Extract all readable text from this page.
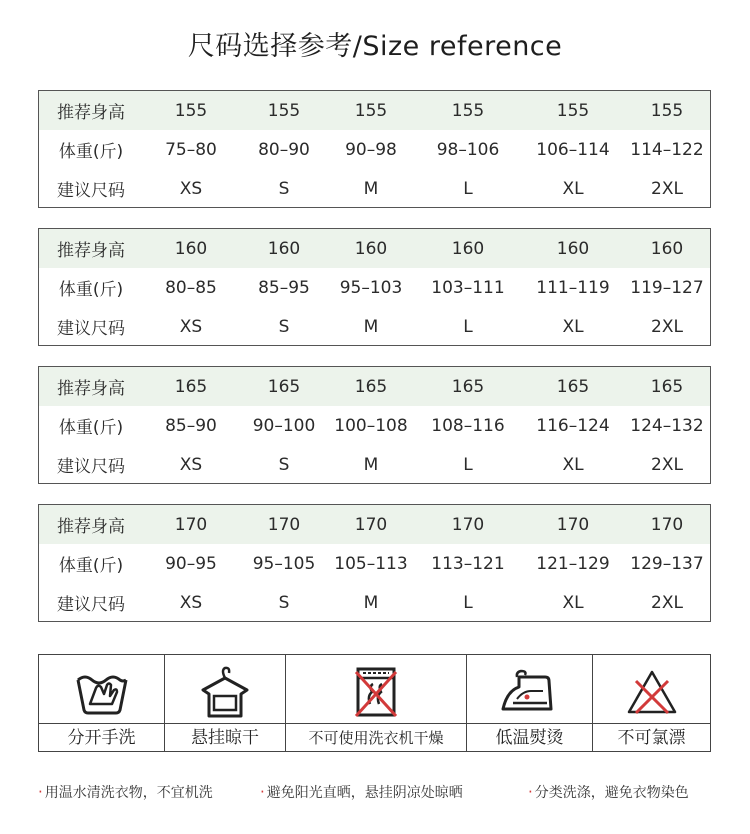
尺码选择参考/Size reference
推荐身高	155	155	155	155	155	155
体重(斤)	75–80	80–90	90–98	98–106	106–114	114–122
建议尺码	XS	S	M	L	XL	2XL
推荐身高	160	160	160	160	160	160
体重(斤)	80–85	85–95	95–103	103–111	111–119	119–127
建议尺码	XS	S	M	L	XL	2XL
推荐身高	165	165	165	165	165	165
体重(斤)	85–90	90–100	100–108	108–116	116–124	124–132
建议尺码	XS	S	M	L	XL	2XL
推荐身高	170	170	170	170	170	170
体重(斤)	90–95	95–105	105–113	113–121	121–129	129–137
建议尺码	XS	S	M	L	XL	2XL
分开手洗	悬挂晾干	不可使用洗衣机干燥	低温熨烫	不可氯漂
· 用温水清洗衣物，不宜机洗	· 避免阳光直晒，悬挂阴凉处晾晒	· 分类洗涤，避免衣物染色
